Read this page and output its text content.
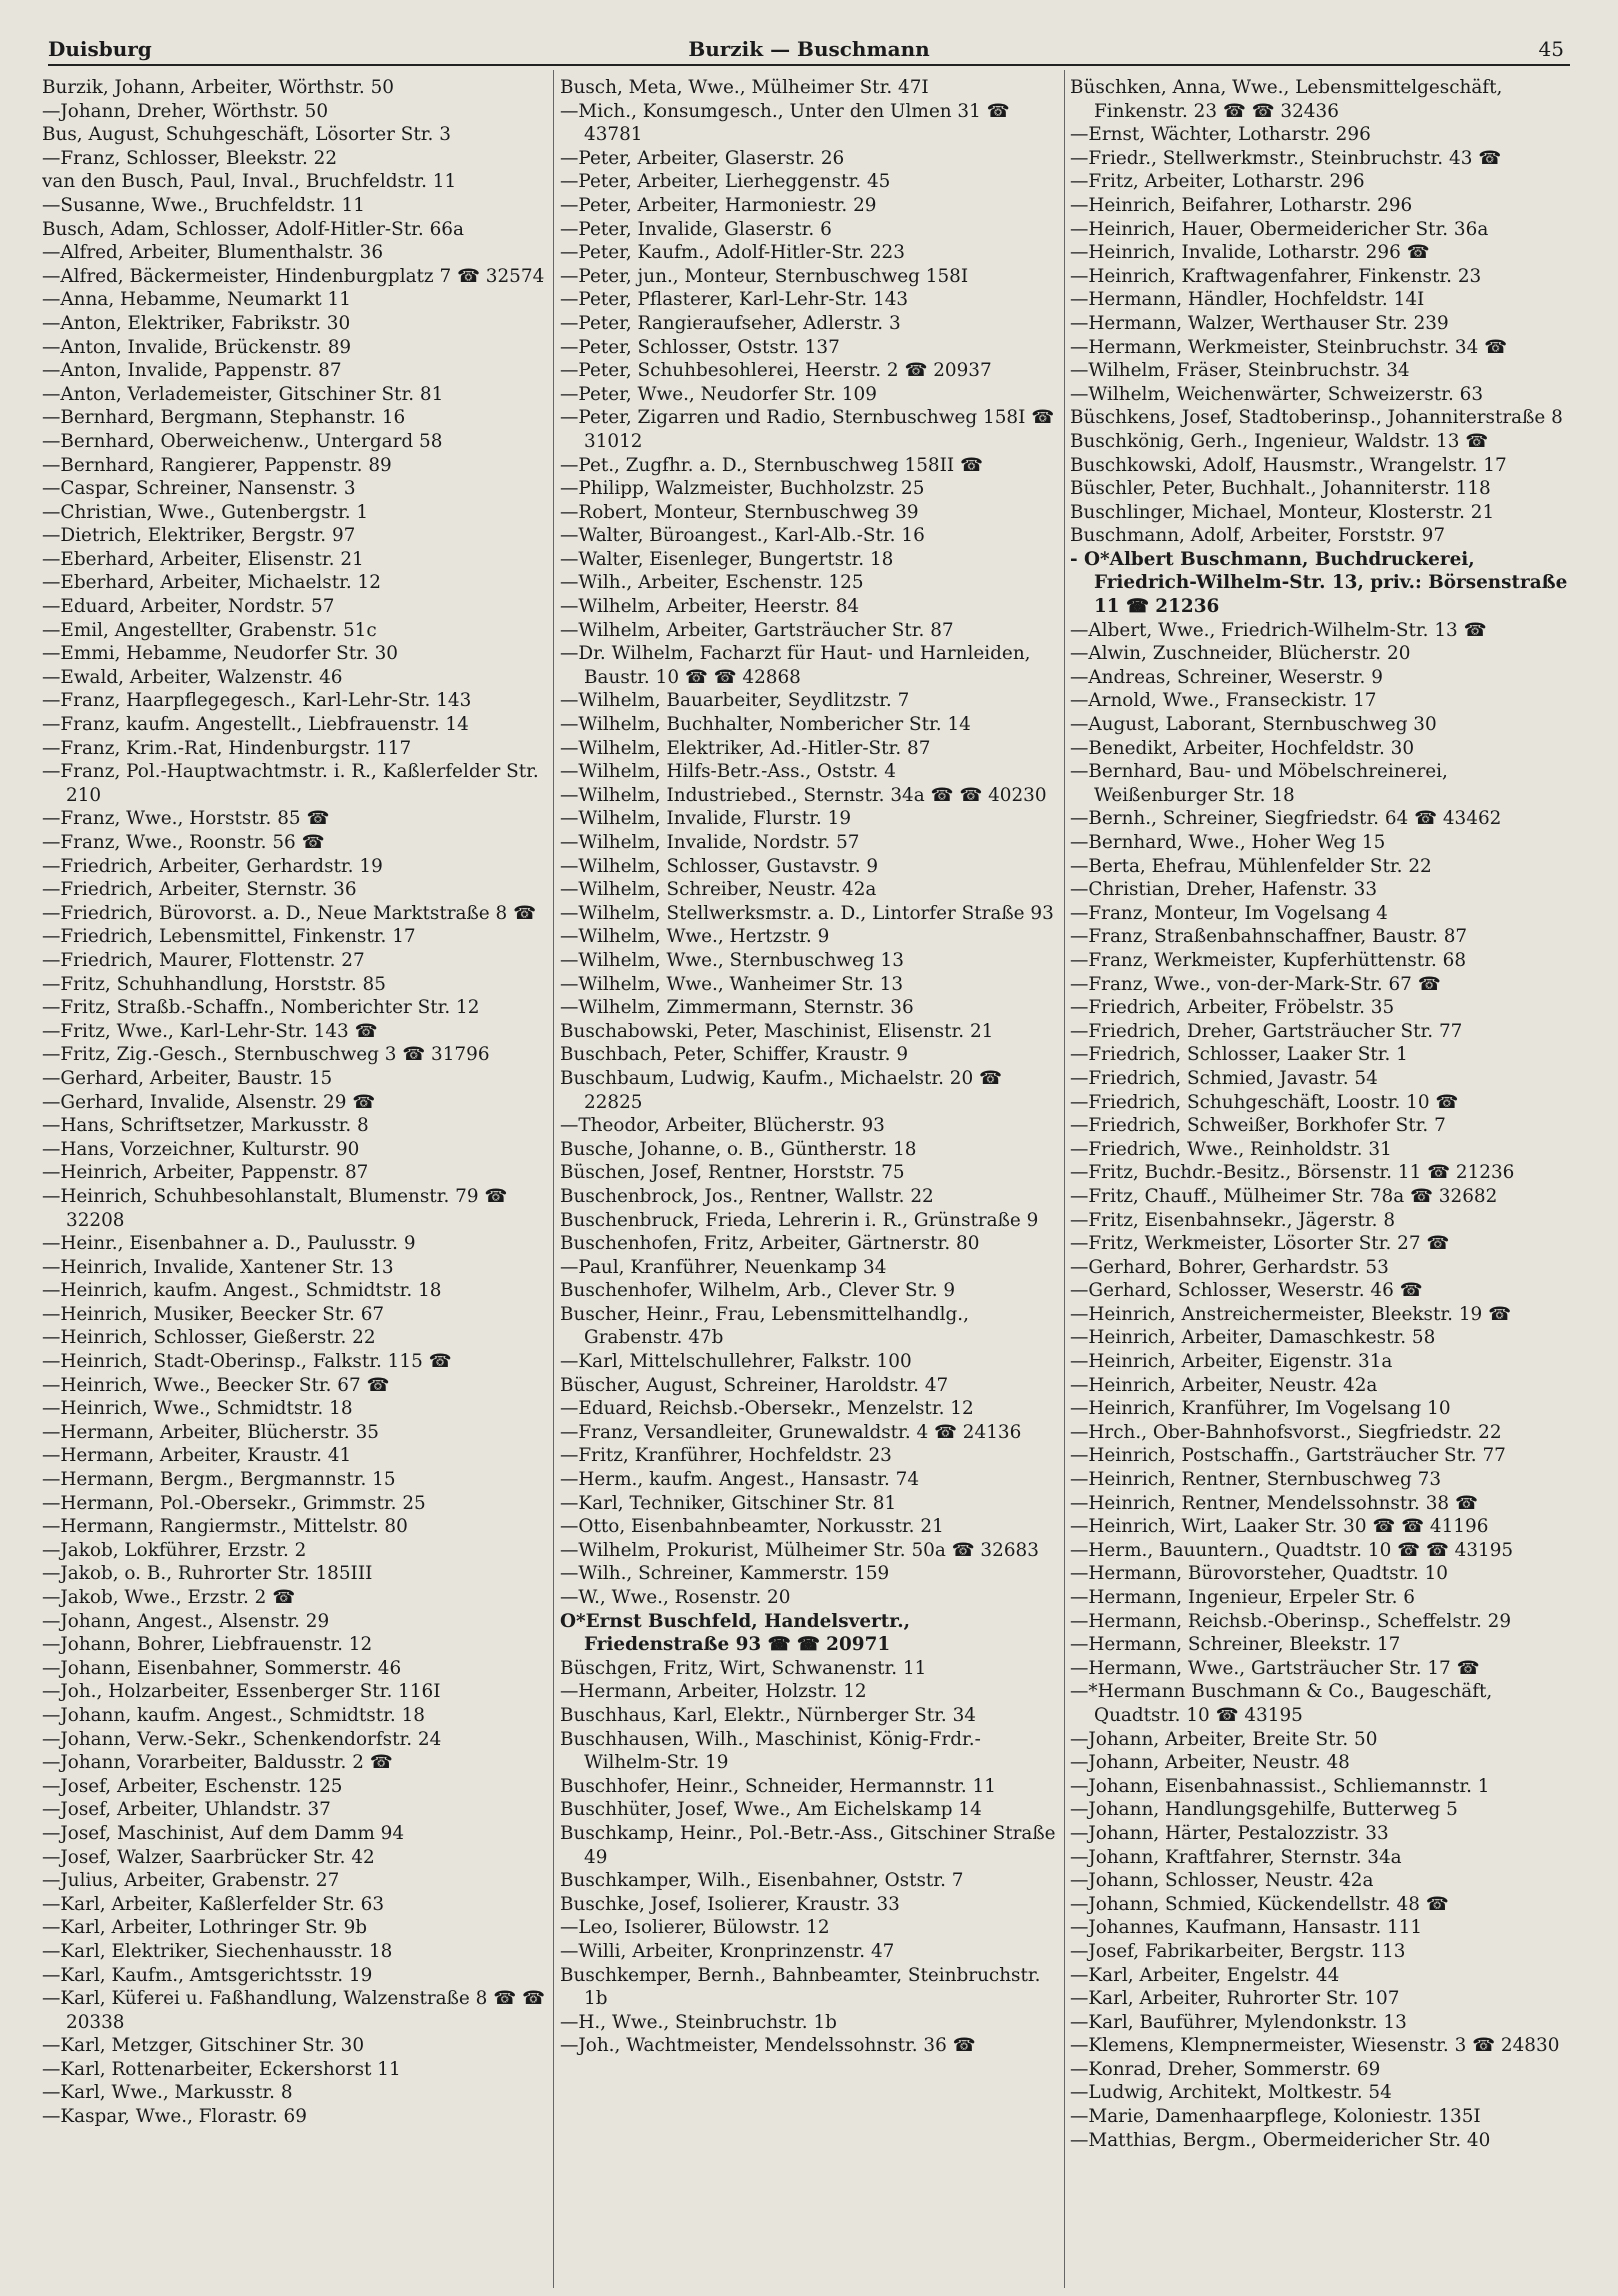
Duisburg	Burzik — Buschmann	45
Burzik, Johann, Arbeiter, Wörthstr. 50
—Johann, Dreher, Wörthstr. 50
Bus, August, Schuhgeschäft, Lösorter Str. 3
—Franz, Schlosser, Bleekstr. 22
van den Busch, Paul, Inval., Bruchfeldstr. 11
—Susanne, Wwe., Bruchfeldstr. 11
Busch, Adam, Schlosser, Adolf-Hitler-Str. 66a
—Alfred, Arbeiter, Blumenthalstr. 36
—Alfred, Bäckermeister, Hindenburgplatz 7 ☎ 32574
—Anna, Hebamme, Neumarkt 11
—Anton, Elektriker, Fabrikstr. 30
—Anton, Invalide, Brückenstr. 89
—Anton, Invalide, Pappenstr. 87
—Anton, Verlademeister, Gitschiner Str. 81
—Bernhard, Bergmann, Stephanstr. 16
—Bernhard, Oberweichenw., Untergard 58
—Bernhard, Rangierer, Pappenstr. 89
—Caspar, Schreiner, Nansenstr. 3
—Christian, Wwe., Gutenbergstr. 1
—Dietrich, Elektriker, Bergstr. 97
—Eberhard, Arbeiter, Elisenstr. 21
—Eberhard, Arbeiter, Michaelstr. 12
—Eduard, Arbeiter, Nordstr. 57
—Emil, Angestellter, Grabenstr. 51c
—Emmi, Hebamme, Neudorfer Str. 30
—Ewald, Arbeiter, Walzenstr. 46
—Franz, Haarpflegegesch., Karl-Lehr-Str. 143
—Franz, kaufm. Angestellt., Liebfrauenstr. 14
—Franz, Krim.-Rat, Hindenburgstr. 117
—Franz, Pol.-Hauptwachtmstr. i. R., Kaßlerfelder Str. 210
—Franz, Wwe., Horststr. 85 ☎
—Franz, Wwe., Roonstr. 56 ☎
—Friedrich, Arbeiter, Gerhardstr. 19
—Friedrich, Arbeiter, Sternstr. 36
—Friedrich, Bürovorst. a. D., Neue Marktstraße 8 ☎
—Friedrich, Lebensmittel, Finkenstr. 17
—Friedrich, Maurer, Flottenstr. 27
—Fritz, Schuhhandlung, Horststr. 85
—Fritz, Straßb.-Schaffn., Nomberichter Str. 12
—Fritz, Wwe., Karl-Lehr-Str. 143 ☎
—Fritz, Zig.-Gesch., Sternbuschweg 3 ☎ 31796
—Gerhard, Arbeiter, Baustr. 15
—Gerhard, Invalide, Alsenstr. 29 ☎
—Hans, Schriftsetzer, Markusstr. 8
—Hans, Vorzeichner, Kulturstr. 90
—Heinrich, Arbeiter, Pappenstr. 87
—Heinrich, Schuhbesohlanstalt, Blumenstr. 79 ☎ 32208
—Heinr., Eisenbahner a. D., Paulusstr. 9
—Heinrich, Invalide, Xantener Str. 13
—Heinrich, kaufm. Angest., Schmidtstr. 18
—Heinrich, Musiker, Beecker Str. 67
—Heinrich, Schlosser, Gießerstr. 22
—Heinrich, Stadt-Oberinsp., Falkstr. 115 ☎
—Heinrich, Wwe., Beecker Str. 67 ☎
—Heinrich, Wwe., Schmidtstr. 18
—Hermann, Arbeiter, Blücherstr. 35
—Hermann, Arbeiter, Kraustr. 41
—Hermann, Bergm., Bergmannstr. 15
—Hermann, Pol.-Obersekr., Grimmstr. 25
—Hermann, Rangiermstr., Mittelstr. 80
—Jakob, Lokführer, Erzstr. 2
—Jakob, o. B., Ruhrorter Str. 185III
—Jakob, Wwe., Erzstr. 2 ☎
—Johann, Angest., Alsenstr. 29
—Johann, Bohrer, Liebfrauenstr. 12
—Johann, Eisenbahner, Sommerstr. 46
—Joh., Holzarbeiter, Essenberger Str. 116I
—Johann, kaufm. Angest., Schmidtstr. 18
—Johann, Verw.-Sekr., Schenkendorfstr. 24
—Johann, Vorarbeiter, Baldusstr. 2 ☎
—Josef, Arbeiter, Eschenstr. 125
—Josef, Arbeiter, Uhlandstr. 37
—Josef, Maschinist, Auf dem Damm 94
—Josef, Walzer, Saarbrücker Str. 42
—Julius, Arbeiter, Grabenstr. 27
—Karl, Arbeiter, Kaßlerfelder Str. 63
—Karl, Arbeiter, Lothringer Str. 9b
—Karl, Elektriker, Siechenhausstr. 18
—Karl, Kaufm., Amtsgerichtsstr. 19
—Karl, Küferei u. Faßhandlung, Walzenstraße 8 ☎ ☎ 20338
—Karl, Metzger, Gitschiner Str. 30
—Karl, Rottenarbeiter, Eckershorst 11
—Karl, Wwe., Markusstr. 8
—Kaspar, Wwe., Florastr. 69
Busch, Meta, Wwe., Mülheimer Str. 47I
—Mich., Konsumgesch., Unter den Ulmen 31 ☎ 43781
—Peter, Arbeiter, Glaserstr. 26
—Peter, Arbeiter, Lierheggenstr. 45
—Peter, Arbeiter, Harmoniestr. 29
—Peter, Invalide, Glaserstr. 6
—Peter, Kaufm., Adolf-Hitler-Str. 223
—Peter, jun., Monteur, Sternbuschweg 158I
—Peter, Pflasterer, Karl-Lehr-Str. 143
—Peter, Rangieraufseher, Adlerstr. 3
—Peter, Schlosser, Oststr. 137
—Peter, Schuhbesohlerei, Heerstr. 2 ☎ 20937
—Peter, Wwe., Neudorfer Str. 109
—Peter, Zigarren und Radio, Sternbuschweg 158I ☎ 31012
—Pet., Zugfhr. a. D., Sternbuschweg 158II ☎
—Philipp, Walzmeister, Buchholzstr. 25
—Robert, Monteur, Sternbuschweg 39
—Walter, Büroangest., Karl-Alb.-Str. 16
—Walter, Eisenleger, Bungertstr. 18
—Wilh., Arbeiter, Eschenstr. 125
—Wilhelm, Arbeiter, Heerstr. 84
—Wilhelm, Arbeiter, Gartsträucher Str. 87
—Dr. Wilhelm, Facharzt für Haut- und Harnleiden, Baustr. 10 ☎ ☎ 42868
—Wilhelm, Bauarbeiter, Seydlitzstr. 7
—Wilhelm, Buchhalter, Nombericher Str. 14
—Wilhelm, Elektriker, Ad.-Hitler-Str. 87
—Wilhelm, Hilfs-Betr.-Ass., Oststr. 4
—Wilhelm, Industriebed., Sternstr. 34a ☎ ☎ 40230
—Wilhelm, Invalide, Flurstr. 19
—Wilhelm, Invalide, Nordstr. 57
—Wilhelm, Schlosser, Gustavstr. 9
—Wilhelm, Schreiber, Neustr. 42a
—Wilhelm, Stellwerksmstr. a. D., Lintorfer Straße 93
—Wilhelm, Wwe., Hertzstr. 9
—Wilhelm, Wwe., Sternbuschweg 13
—Wilhelm, Wwe., Wanheimer Str. 13
—Wilhelm, Zimmermann, Sternstr. 36
Buschabowski, Peter, Maschinist, Elisenstr. 21
Buschbach, Peter, Schiffer, Kraustr. 9
Buschbaum, Ludwig, Kaufm., Michaelstr. 20 ☎ 22825
—Theodor, Arbeiter, Blücherstr. 93
Busche, Johanne, o. B., Güntherstr. 18
Büschen, Josef, Rentner, Horststr. 75
Buschenbrock, Jos., Rentner, Wallstr. 22
Buschenbruck, Frieda, Lehrerin i. R., Grünstraße 9
Buschenhofen, Fritz, Arbeiter, Gärtnerstr. 80
—Paul, Kranführer, Neuenkamp 34
Buschenhofer, Wilhelm, Arb., Clever Str. 9
Buscher, Heinr., Frau, Lebensmittelhandlg., Grabenstr. 47b
—Karl, Mittelschullehrer, Falkstr. 100
Büscher, August, Schreiner, Haroldstr. 47
—Eduard, Reichsb.-Obersekr., Menzelstr. 12
—Franz, Versandleiter, Grunewaldstr. 4 ☎ 24136
—Fritz, Kranführer, Hochfeldstr. 23
—Herm., kaufm. Angest., Hansastr. 74
—Karl, Techniker, Gitschiner Str. 81
—Otto, Eisenbahnbeamter, Norkusstr. 21
—Wilhelm, Prokurist, Mülheimer Str. 50a ☎ 32683
—Wilh., Schreiner, Kammerstr. 159
—W., Wwe., Rosenstr. 20
O*Ernst Buschfeld, Handelsvertr., Friedenstraße 93 ☎ ☎ 20971
Büschgen, Fritz, Wirt, Schwanenstr. 11
—Hermann, Arbeiter, Holzstr. 12
Buschhaus, Karl, Elektr., Nürnberger Str. 34
Buschhausen, Wilh., Maschinist, König-Frdr.-Wilhelm-Str. 19
Buschhofer, Heinr., Schneider, Hermannstr. 11
Buschhüter, Josef, Wwe., Am Eichelskamp 14
Buschkamp, Heinr., Pol.-Betr.-Ass., Gitschiner Straße 49
Buschkamper, Wilh., Eisenbahner, Oststr. 7
Buschke, Josef, Isolierer, Kraustr. 33
—Leo, Isolierer, Bülowstr. 12
—Willi, Arbeiter, Kronprinzenstr. 47
Buschkemper, Bernh., Bahnbeamter, Steinbruchstr. 1b
—H., Wwe., Steinbruchstr. 1b
—Joh., Wachtmeister, Mendelssohnstr. 36 ☎
Büschken, Anna, Wwe., Lebensmittelgeschäft, Finkenstr. 23 ☎ ☎ 32436
—Ernst, Wächter, Lotharstr. 296
—Friedr., Stellwerkmstr., Steinbruchstr. 43 ☎
—Fritz, Arbeiter, Lotharstr. 296
—Heinrich, Beifahrer, Lotharstr. 296
—Heinrich, Hauer, Obermeidericher Str. 36a
—Heinrich, Invalide, Lotharstr. 296 ☎
—Heinrich, Kraftwagenfahrer, Finkenstr. 23
—Hermann, Händler, Hochfeldstr. 14I
—Hermann, Walzer, Werthauser Str. 239
—Hermann, Werkmeister, Steinbruchstr. 34 ☎
—Wilhelm, Fräser, Steinbruchstr. 34
—Wilhelm, Weichenwärter, Schweizerstr. 63
Büschkens, Josef, Stadtoberinsp., Johanniterstraße 8
Buschkönig, Gerh., Ingenieur, Waldstr. 13 ☎
Buschkowski, Adolf, Hausmstr., Wrangelstr. 17
Büschler, Peter, Buchhalt., Johanniterstr. 118
Buschlinger, Michael, Monteur, Klosterstr. 21
Buschmann, Adolf, Arbeiter, Forststr. 97
- O*Albert Buschmann, Buchdruckerei, Friedrich-Wilhelm-Str. 13, priv.: Börsenstraße 11 ☎ 21236
—Albert, Wwe., Friedrich-Wilhelm-Str. 13 ☎
—Alwin, Zuschneider, Blücherstr. 20
—Andreas, Schreiner, Weserstr. 9
—Arnold, Wwe., Franseckistr. 17
—August, Laborant, Sternbuschweg 30
—Benedikt, Arbeiter, Hochfeldstr. 30
—Bernhard, Bau- und Möbelschreinerei, Weißenburger Str. 18
—Bernh., Schreiner, Siegfriedstr. 64 ☎ 43462
—Bernhard, Wwe., Hoher Weg 15
—Berta, Ehefrau, Mühlenfelder Str. 22
—Christian, Dreher, Hafenstr. 33
—Franz, Monteur, Im Vogelsang 4
—Franz, Straßenbahnschaffner, Baustr. 87
—Franz, Werkmeister, Kupferhüttenstr. 68
—Franz, Wwe., von-der-Mark-Str. 67 ☎
—Friedrich, Arbeiter, Fröbelstr. 35
—Friedrich, Dreher, Gartsträucher Str. 77
—Friedrich, Schlosser, Laaker Str. 1
—Friedrich, Schmied, Javastr. 54
—Friedrich, Schuhgeschäft, Loostr. 10 ☎
—Friedrich, Schweißer, Borkhofer Str. 7
—Friedrich, Wwe., Reinholdstr. 31
—Fritz, Buchdr.-Besitz., Börsenstr. 11 ☎ 21236
—Fritz, Chauff., Mülheimer Str. 78a ☎ 32682
—Fritz, Eisenbahnsekr., Jägerstr. 8
—Fritz, Werkmeister, Lösorter Str. 27 ☎
—Gerhard, Bohrer, Gerhardstr. 53
—Gerhard, Schlosser, Weserstr. 46 ☎
—Heinrich, Anstreichermeister, Bleekstr. 19 ☎
—Heinrich, Arbeiter, Damaschkestr. 58
—Heinrich, Arbeiter, Eigenstr. 31a
—Heinrich, Arbeiter, Neustr. 42a
—Heinrich, Kranführer, Im Vogelsang 10
—Hrch., Ober-Bahnhofsvorst., Siegfriedstr. 22
—Heinrich, Postschaffn., Gartsträucher Str. 77
—Heinrich, Rentner, Sternbuschweg 73
—Heinrich, Rentner, Mendelssohnstr. 38 ☎
—Heinrich, Wirt, Laaker Str. 30 ☎ ☎ 41196
—Herm., Bauuntern., Quadtstr. 10 ☎ ☎ 43195
—Hermann, Bürovorsteher, Quadtstr. 10
—Hermann, Ingenieur, Erpeler Str. 6
—Hermann, Reichsb.-Oberinsp., Scheffelstr. 29
—Hermann, Schreiner, Bleekstr. 17
—Hermann, Wwe., Gartsträucher Str. 17 ☎
—*Hermann Buschmann & Co., Baugeschäft, Quadtstr. 10 ☎ 43195
—Johann, Arbeiter, Breite Str. 50
—Johann, Arbeiter, Neustr. 48
—Johann, Eisenbahnassist., Schliemannstr. 1
—Johann, Handlungsgehilfe, Butterweg 5
—Johann, Härter, Pestalozzistr. 33
—Johann, Kraftfahrer, Sternstr. 34a
—Johann, Schlosser, Neustr. 42a
—Johann, Schmied, Kückendellstr. 48 ☎
—Johannes, Kaufmann, Hansastr. 111
—Josef, Fabrikarbeiter, Bergstr. 113
—Karl, Arbeiter, Engelstr. 44
—Karl, Arbeiter, Ruhrorter Str. 107
—Karl, Bauführer, Mylendonkstr. 13
—Klemens, Klempnermeister, Wiesenstr. 3 ☎ 24830
—Konrad, Dreher, Sommerstr. 69
—Ludwig, Architekt, Moltkestr. 54
—Marie, Damenhaarpflege, Koloniestr. 135I
—Matthias, Bergm., Obermeidericher Str. 40
